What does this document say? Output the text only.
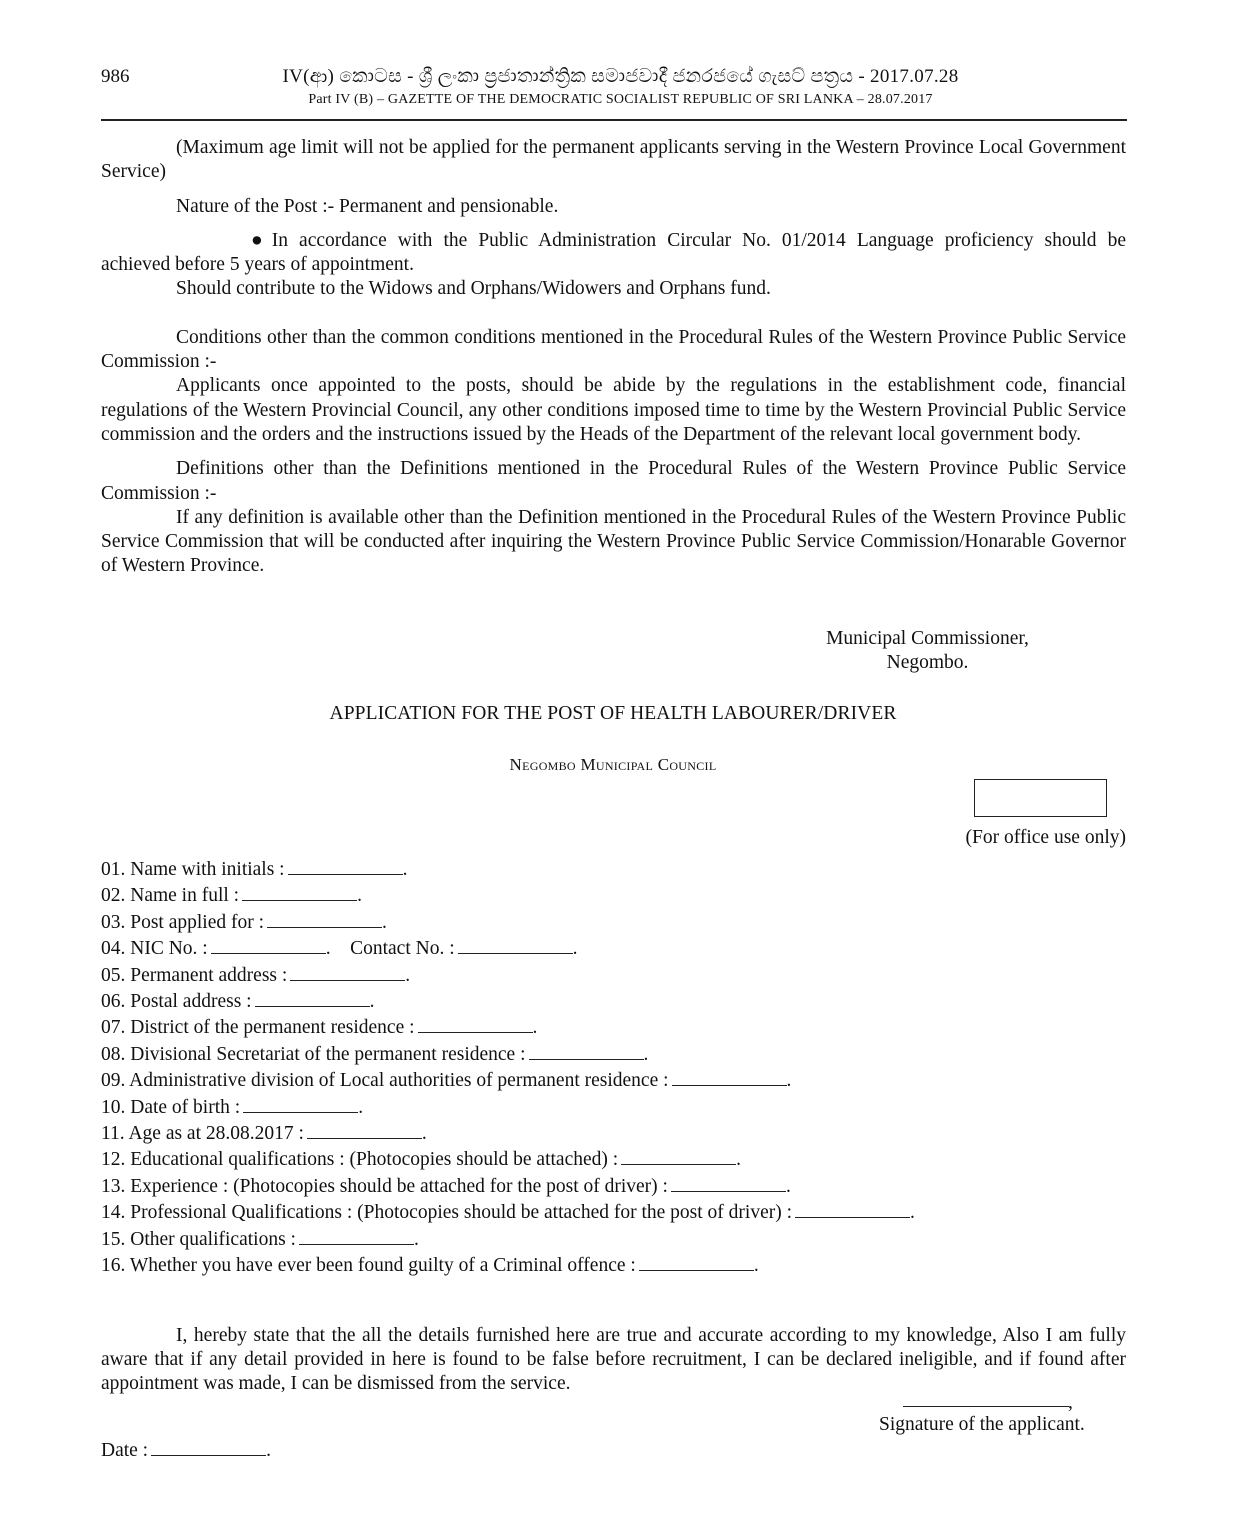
986	IV(ආ) කොටස - ශ්‍රී ලංකා ප්‍රජාතාන්ත්‍රික සමාජවාදී ජනරජයේ ගැසට් පත්‍රය - 2017.07.28
Part IV (B) – GAZETTE OF THE DEMOCRATIC SOCIALIST REPUBLIC OF SRI LANKA – 28.07.2017

(Maximum age limit will not be applied for the permanent applicants serving in the Western Province Local Government Service)

Nature of the Post :- Permanent and pensionable.

● In accordance with the Public Administration Circular No. 01/2014 Language proficiency should be achieved before 5 years of appointment.

Should contribute to the Widows and Orphans/Widowers and Orphans fund.

Conditions other than the common conditions mentioned in the Procedural Rules of the Western Province Public Service Commission :-

Applicants once appointed to the posts, should be abide by the regulations in the establishment code, financial regulations of the Western Provincial Council, any other conditions imposed time to time by the Western Provincial Public Service commission and the orders and the instructions issued by the Heads of the Department of the relevant local government body.

Definitions other than the Definitions mentioned in the Procedural Rules of the Western Province Public Service Commission :-

If any definition is available other than the Definition mentioned in the Procedural Rules of the Western Province Public Service Commission that will be conducted after inquiring the Western Province Public Service Commission/Honarable Governor of Western Province.

Municipal Commissioner,
Negombo.
APPLICATION FOR THE POST OF HEALTH LABOURER/DRIVER
Negombo Municipal Council
(For office use only)
01. Name with initials :	.
02. Name in full :	.
03. Post applied for :	.
04. NIC No. :	.    Contact No. :	.
05. Permanent address :	.
06. Postal address :	.
07. District of the permanent residence :	.
08. Divisional Secretariat of the permanent residence :	.
09. Administrative division of Local authorities of permanent residence :	.
10. Date of birth :	.
11. Age as at 28.08.2017 :	.
12. Educational qualifications : (Photocopies should be attached) :	.
13. Experience : (Photocopies should be attached for the post of driver) :	.
14. Professional Qualifications : (Photocopies should be attached for the post of driver) :	.
15. Other qualifications :	.
16. Whether you have ever been found guilty of a Criminal offence :	.

I, hereby state that the all the details furnished here are true and accurate according to my knowledge, Also I am fully aware that if any detail provided in here is found to be false before recruitment, I can be declared ineligible, and if found after appointment was made, I can be dismissed from the service.

,
Signature of the applicant.
Date :	.
